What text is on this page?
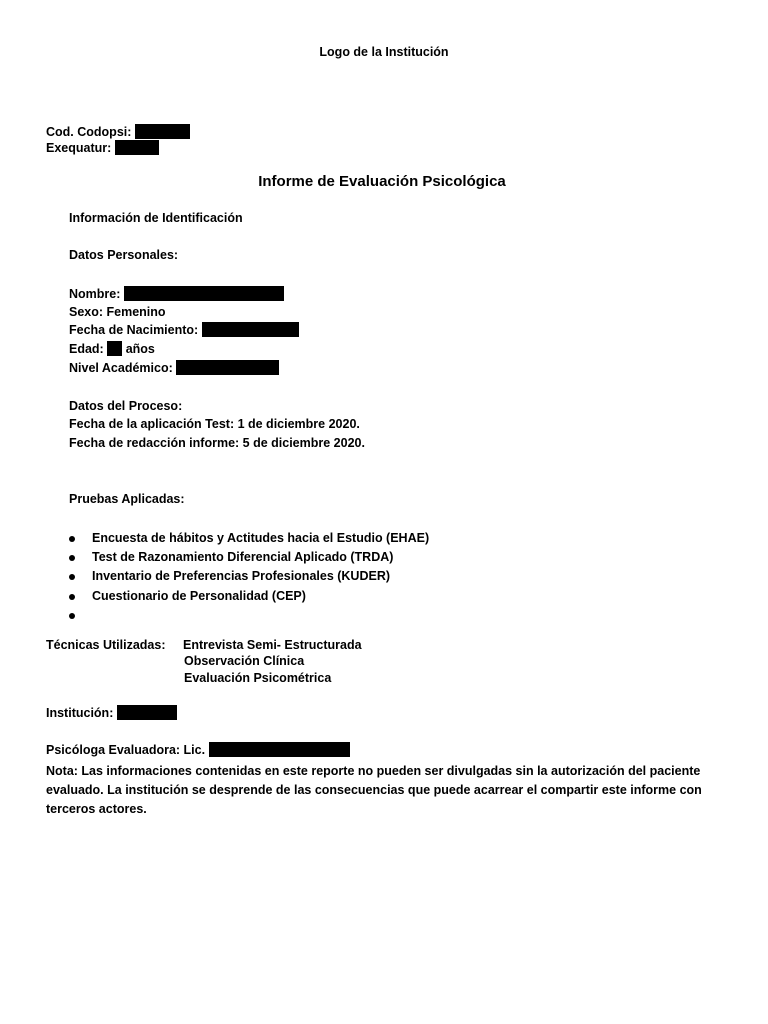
Logo de la Institución
Cod. Codopsi:
Exequatur:
Informe de Evaluación Psicológica
Información de Identificación
Datos Personales:
Nombre:
Sexo: Femenino
Fecha de Nacimiento:
Edad: años
Nivel Académico:
Datos del Proceso:
Fecha de la aplicación Test: 1 de diciembre 2020.
Fecha de redacción informe: 5 de diciembre 2020.
Pruebas Aplicadas:
Encuesta de hábitos y Actitudes hacia el Estudio (EHAE)
Test de Razonamiento Diferencial Aplicado (TRDA)
Inventario de Preferencias Profesionales (KUDER)
Cuestionario de Personalidad (CEP)
Técnicas Utilizadas: Entrevista Semi- Estructurada
Observación Clínica
Evaluación Psicométrica
Institución:
Psicóloga Evaluadora: Lic.
Nota: Las informaciones contenidas en este reporte no pueden ser divulgadas sin la autorización del paciente evaluado. La institución se desprende de las consecuencias que puede acarrear el compartir este informe con terceros actores.
